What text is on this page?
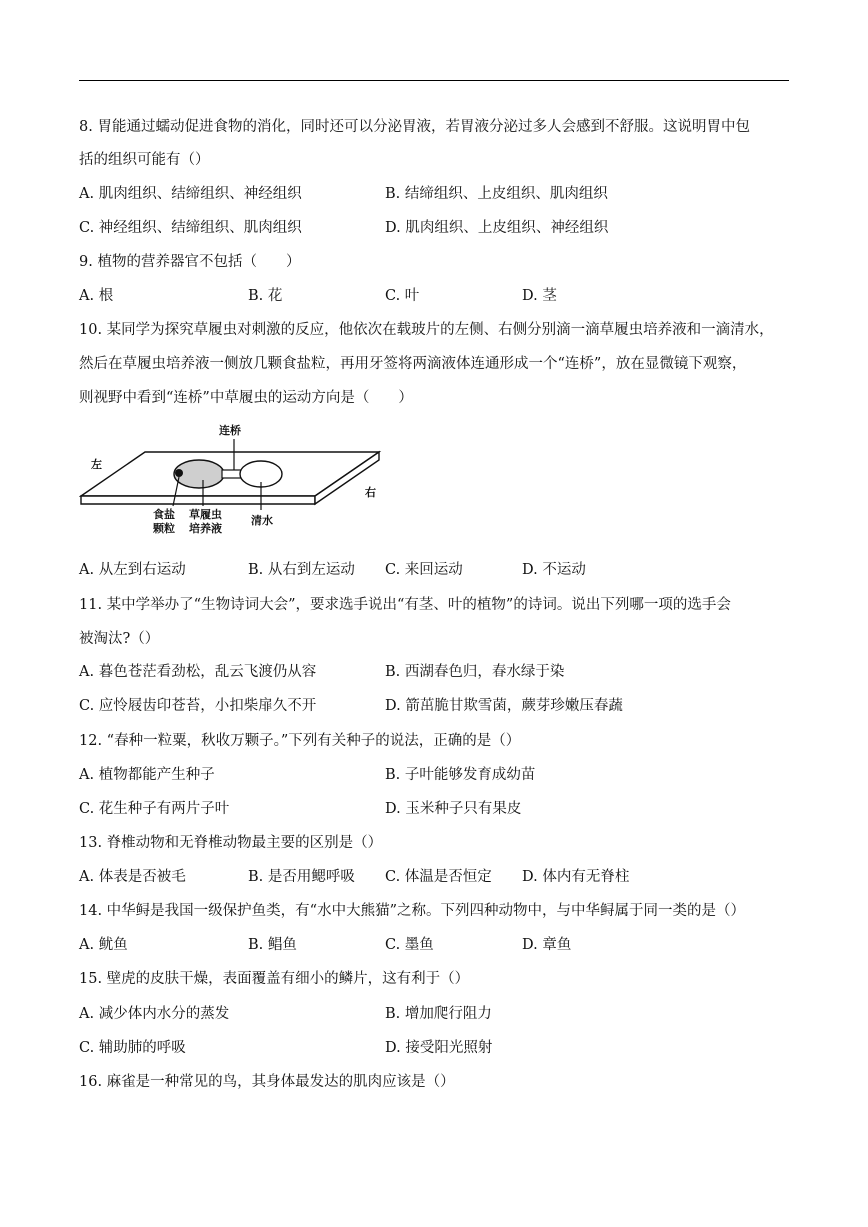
8. 胃能通过蠕动促进食物的消化，同时还可以分泌胃液，若胃液分泌过多人会感到不舒服。这说明胃中包
括的组织可能有（）
A. 肌肉组织、结缔组织、神经组织	B. 结缔组织、上皮组织、肌肉组织
C. 神经组织、结缔组织、肌肉组织	D. 肌肉组织、上皮组织、神经组织
9. 植物的营养器官不包括（　　）
A. 根	B. 花	C. 叶	D. 茎
10. 某同学为探究草履虫对刺激的反应，他依次在载玻片的左侧、右侧分别滴一滴草履虫培养液和一滴清水，
然后在草履虫培养液一侧放几颗食盐粒，再用牙签将两滴液体连通形成一个“连桥”，放在显微镜下观察，
则视野中看到“连桥”中草履虫的运动方向是（　　）
连桥
左
右
食盐
颗粒
草履虫
培养液
清水
A. 从左到右运动	B. 从右到左运动 C. 来回运动	D. 不运动
11. 某中学举办了“生物诗词大会”，要求选手说出“有茎、叶的植物”的诗词。说出下列哪一项的选手会
被淘汰?（）
A. 暮色苍茫看劲松，乱云飞渡仍从容	B. 西湖春色归，春水绿于染
C. 应怜屐齿印苍苔，小扣柴扉久不开	D. 箭茁脆甘欺雪菌，蕨芽珍嫩压春蔬
12. “春种一粒粟，秋收万颗子。”下列有关种子的说法，正确的是（）
A. 植物都能产生种子	B. 子叶能够发育成幼苗
C. 花生种子有两片子叶	D. 玉米种子只有果皮
13. 脊椎动物和无脊椎动物最主要的区别是（）
A. 体表是否被毛	B. 是否用鳃呼吸 C. 体温是否恒定 D. 体内有无脊柱
14. 中华鲟是我国一级保护鱼类，有“水中大熊猫”之称。下列四种动物中，与中华鲟属于同一类的是（）
A. 鱿鱼	B. 鲳鱼	C. 墨鱼	D. 章鱼
15. 壁虎的皮肤干燥，表面覆盖有细小的鳞片，这有利于（）
A. 减少体内水分的蒸发	B. 增加爬行阻力
C. 辅助肺的呼吸	D. 接受阳光照射
16. 麻雀是一种常见的鸟，其身体最发达的肌肉应该是（）
